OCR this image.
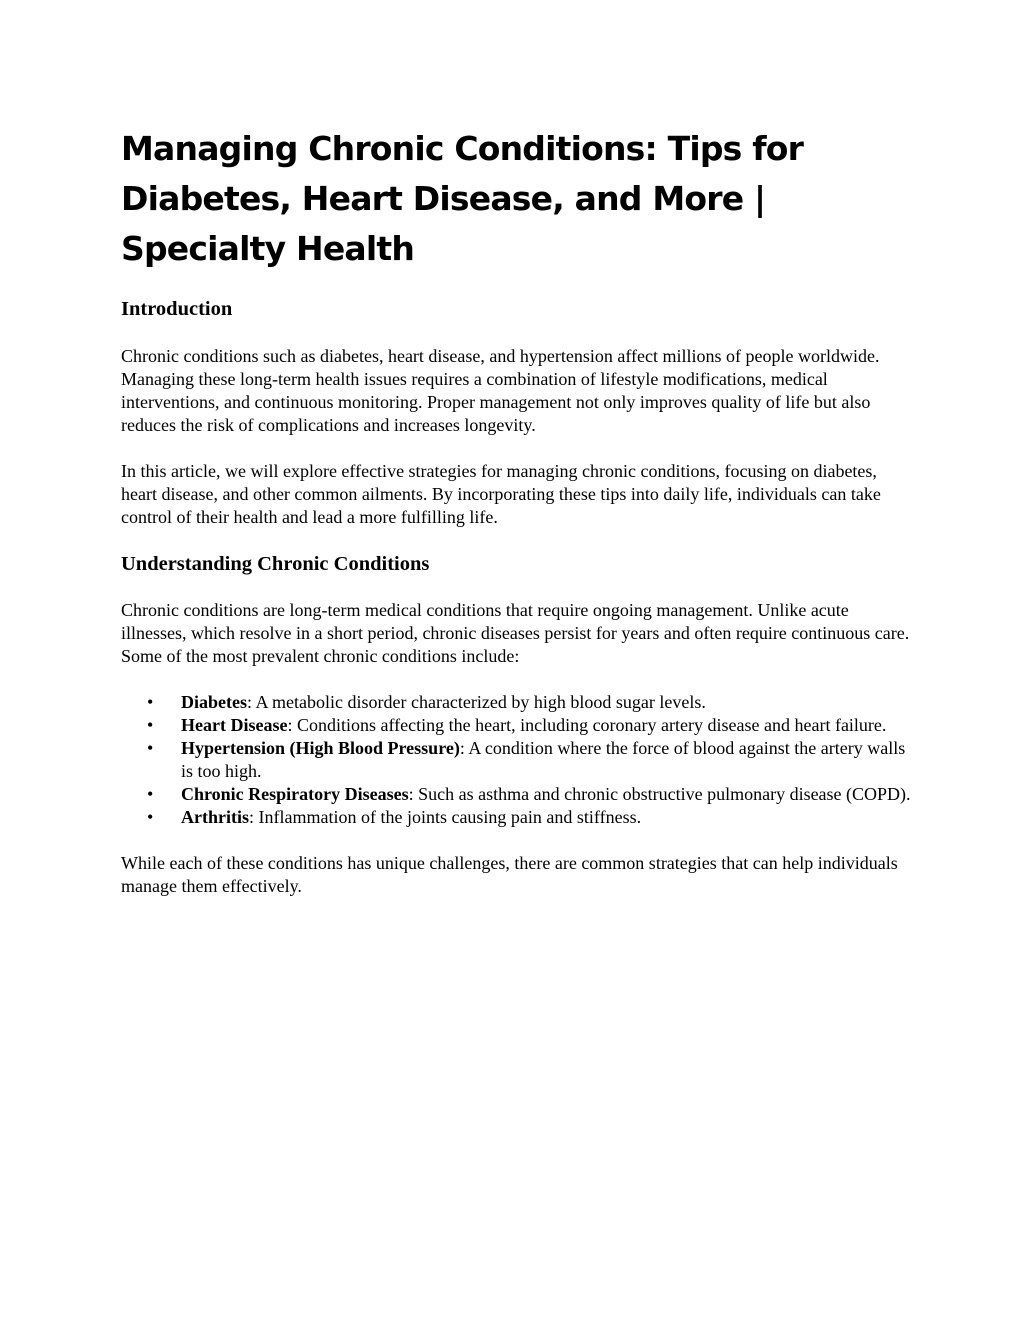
Managing Chronic Conditions: Tips for Diabetes, Heart Disease, and More | Specialty Health
Introduction

Chronic conditions such as diabetes, heart disease, and hypertension affect millions of people worldwide. Managing these long-term health issues requires a combination of lifestyle modifications, medical interventions, and continuous monitoring. Proper management not only improves quality of life but also reduces the risk of complications and increases longevity.

In this article, we will explore effective strategies for managing chronic conditions, focusing on diabetes, heart disease, and other common ailments. By incorporating these tips into daily life, individuals can take control of their health and lead a more fulfilling life.

Understanding Chronic Conditions

Chronic conditions are long-term medical conditions that require ongoing management. Unlike acute illnesses, which resolve in a short period, chronic diseases persist for years and often require continuous care. Some of the most prevalent chronic conditions include:

• Diabetes: A metabolic disorder characterized by high blood sugar levels.
• Heart Disease: Conditions affecting the heart, including coronary artery disease and heart failure.
• Hypertension (High Blood Pressure): A condition where the force of blood against the artery walls is too high.
• Chronic Respiratory Diseases: Such as asthma and chronic obstructive pulmonary disease (COPD).
• Arthritis: Inflammation of the joints causing pain and stiffness.

While each of these conditions has unique challenges, there are common strategies that can help individuals manage them effectively.
